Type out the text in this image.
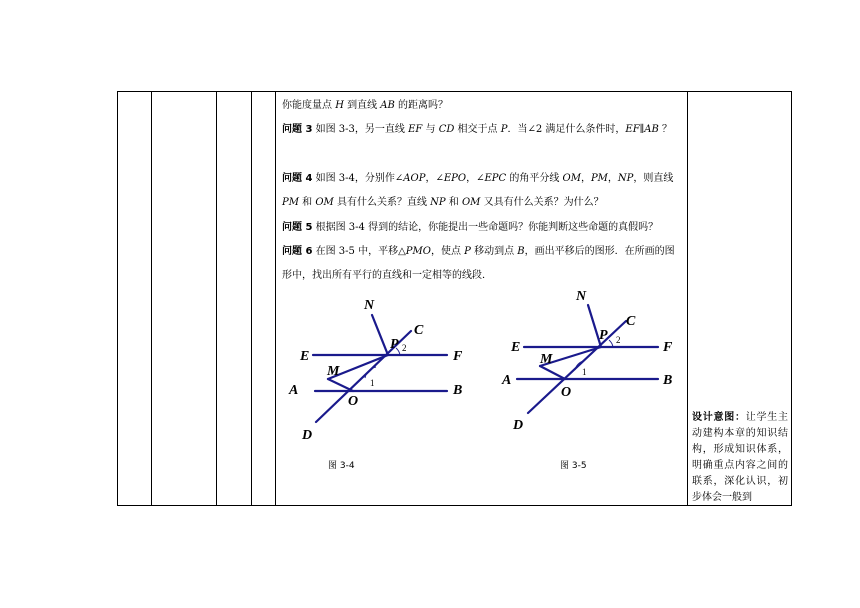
你能度量点 H 到直线 AB 的距离吗？

问题 3 如图 3-3，另一直线 EF 与 CD 相交于点 P．当∠2 满足什么条件时，EF∥AB ？

问题 4 如图 3-4，分别作∠AOP，∠EPO，∠EPC 的角平分线 OM，PM，NP，则直线PM 和 OM 具有什么关系？直线 NP 和 OM 又具有什么关系？为什么？

问题 5 根据图 3-4 得到的结论，你能提出一些命题吗？你能判断这些命题的真假吗？

问题 6 在图 3-5 中，平移△PMO，使点 P 移动到点 B，画出平移后的图形．在所画的图形中，找出所有平行的直线和一定相等的线段．

N
C
P
E	F
M
A	B
O
D
2
1
图 3-4
N
C
P
E	F
M
A	B
O
D
2
1
图 3-5
设计意图：让学生主动建构本章的知识结构，形成知识体系，明确重点内容之间的联系，深化认识，初步体会一般到
